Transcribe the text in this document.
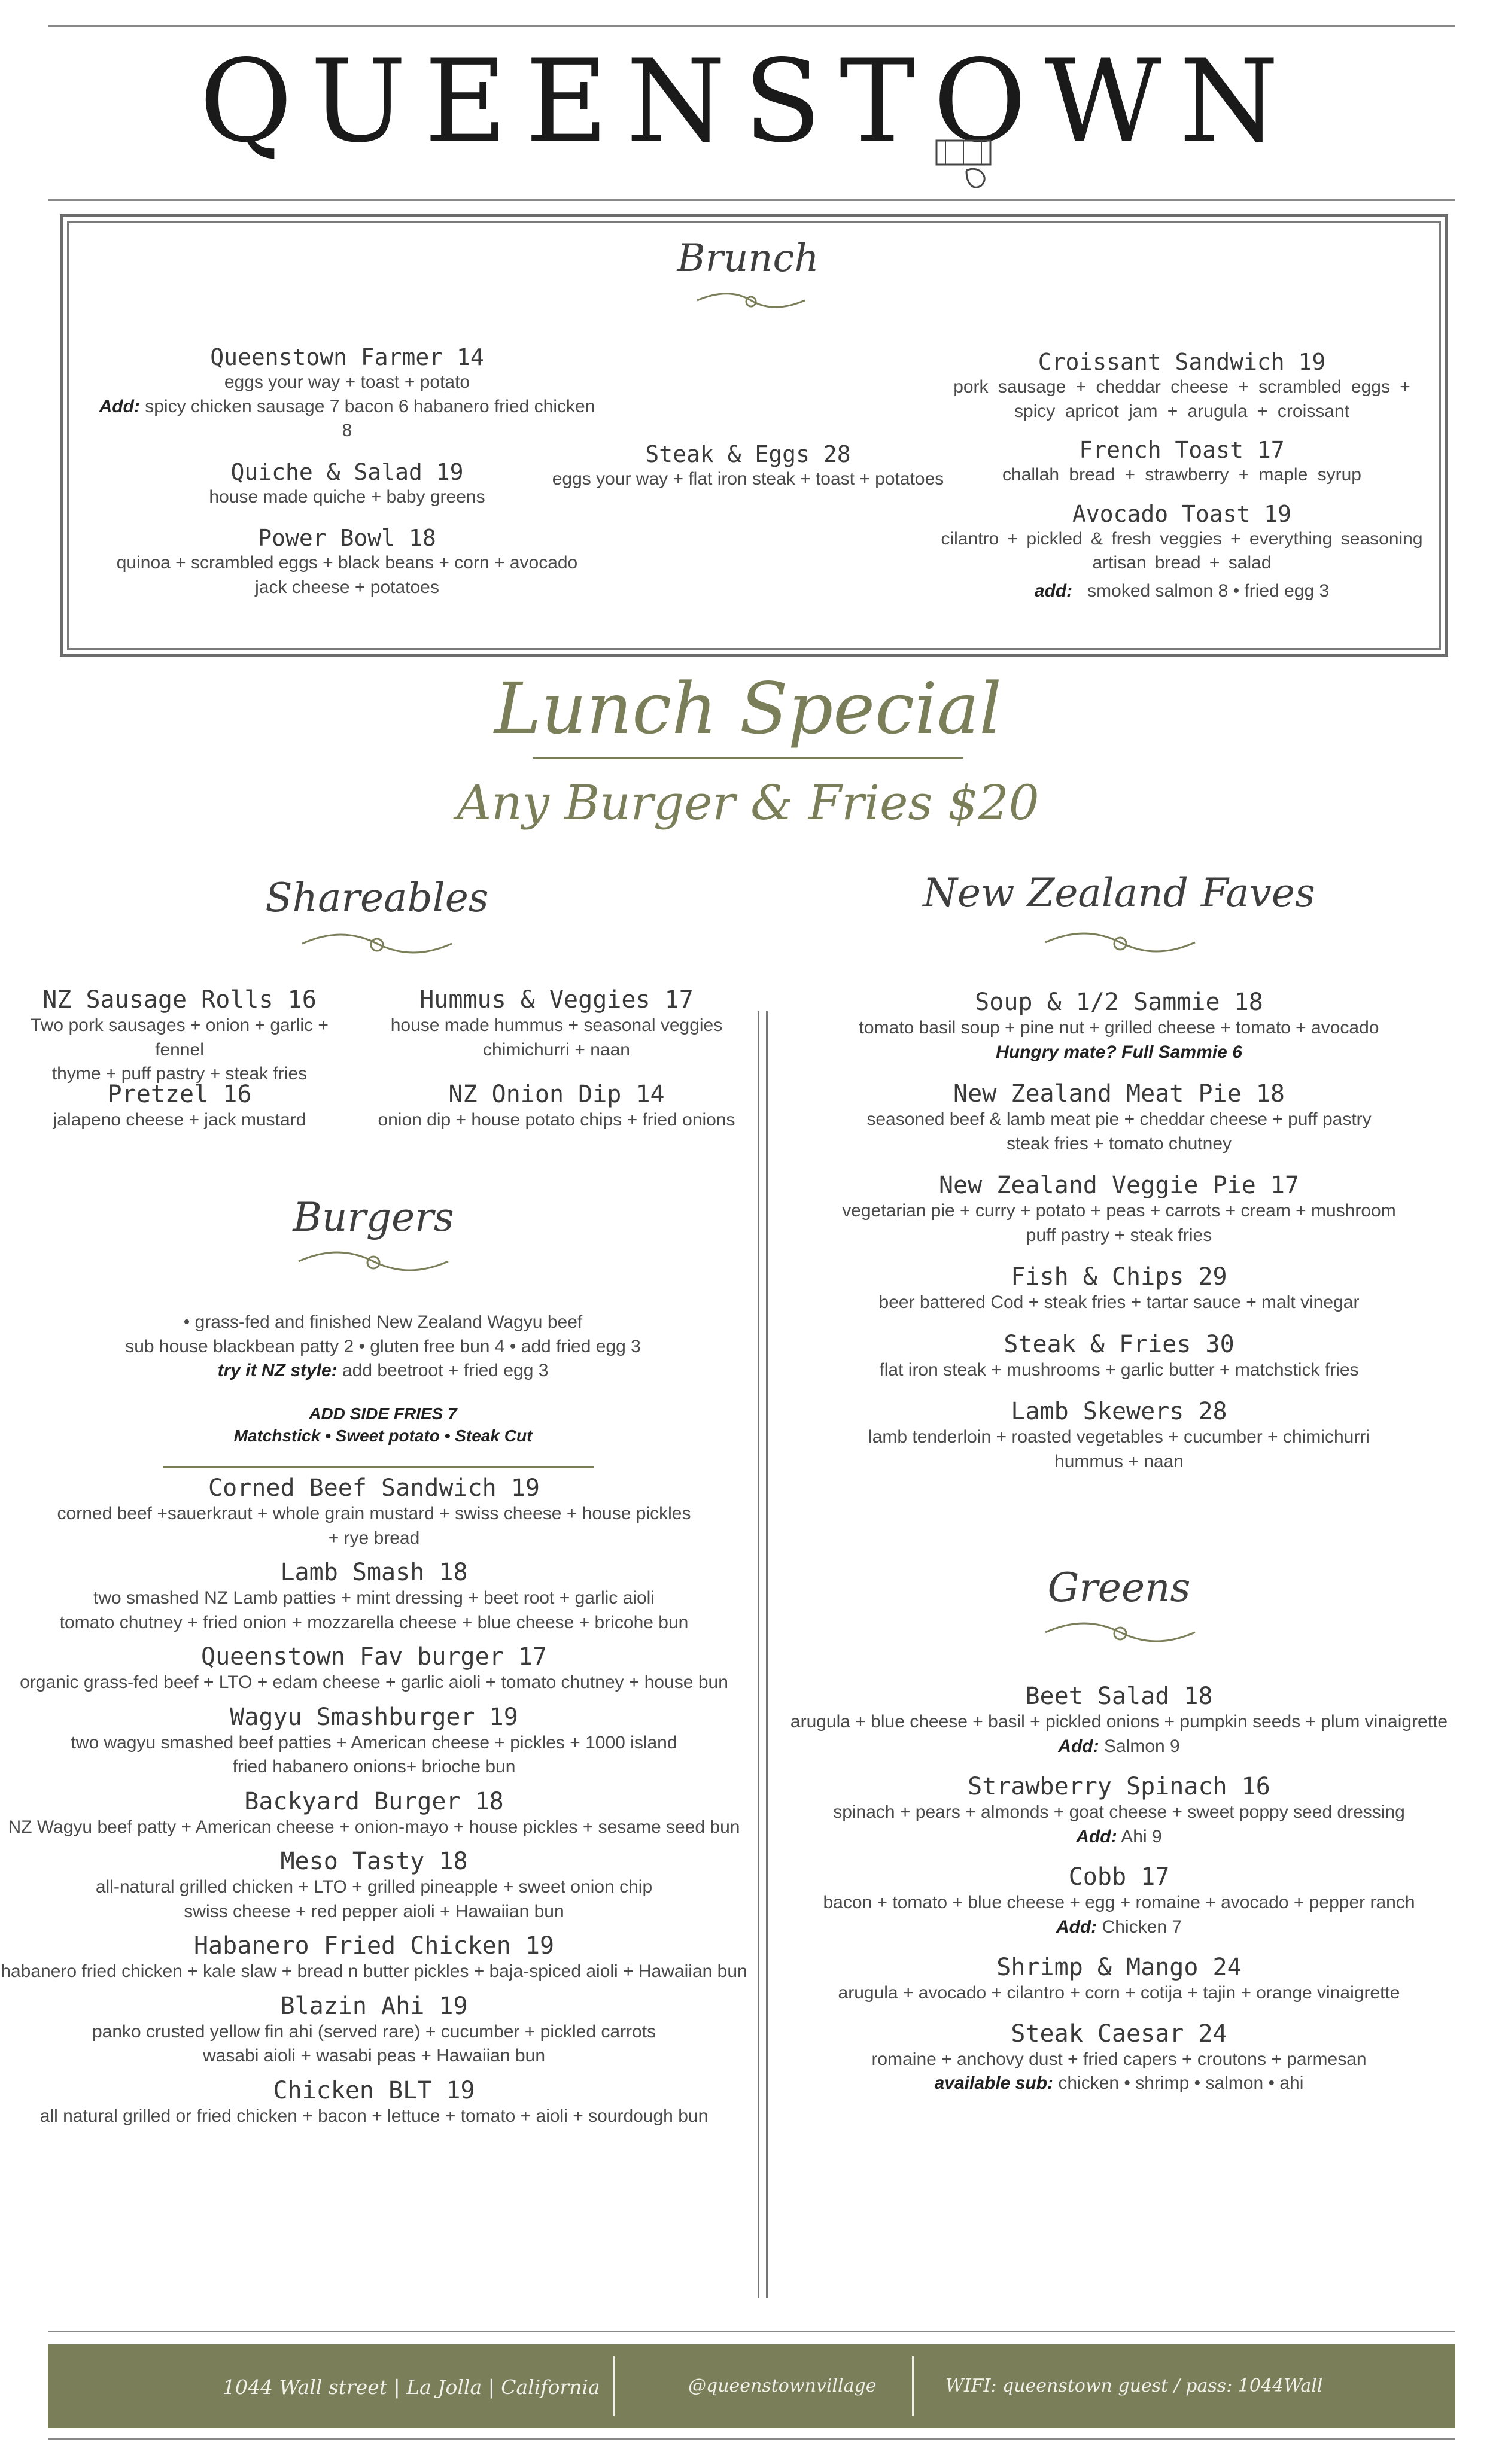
QUEENSTOWN
Brunch
Queenstown Farmer 14
eggs your way + toast + potato
Add: spicy chicken sausage 7 bacon 6 habanero fried chicken 8
Quiche & Salad 19
house made quiche + baby greens
Power Bowl 18
quinoa + scrambled eggs + black beans + corn + avocado
jack cheese + potatoes
Steak & Eggs 28
eggs your way + flat iron steak + toast + potatoes
Croissant Sandwich 19
pork sausage + cheddar cheese + scrambled eggs +
spicy apricot jam + arugula + croissant
French Toast 17
challah bread + strawberry + maple syrup
Avocado Toast 19
cilantro + pickled & fresh veggies + everything seasoning
artisan bread + salad
add: smoked salmon 8 • fried egg 3
Lunch Special
Any Burger & Fries $20
Shareables
NZ Sausage Rolls 16
Two pork sausages + onion + garlic + fennel
thyme + puff pastry + steak fries
Hummus & Veggies 17
house made hummus + seasonal veggies
chimichurri + naan
Pretzel 16
jalapeno cheese + jack mustard
NZ Onion Dip 14
onion dip + house potato chips + fried onions
Burgers
• grass-fed and finished New Zealand Wagyu beef
sub house blackbean patty 2 • gluten free bun 4 • add fried egg 3
try it NZ style: add beetroot + fried egg 3
ADD SIDE FRIES 7
Matchstick • Sweet potato • Steak Cut
Corned Beef Sandwich 19
corned beef +sauerkraut + whole grain mustard + swiss cheese + house pickles
+ rye bread
Lamb Smash 18
two smashed NZ Lamb patties + mint dressing + beet root + garlic aioli
tomato chutney + fried onion + mozzarella cheese + blue cheese + bricohe bun
Queenstown Fav burger 17
organic grass-fed beef + LTO + edam cheese + garlic aioli + tomato chutney + house bun
Wagyu Smashburger 19
two wagyu smashed beef patties + American cheese + pickles + 1000 island
fried habanero onions+ brioche bun
Backyard Burger 18
NZ Wagyu beef patty + American cheese + onion-mayo + house pickles + sesame seed bun
Meso Tasty 18
all-natural grilled chicken + LTO + grilled pineapple + sweet onion chip
swiss cheese + red pepper aioli + Hawaiian bun
Habanero Fried Chicken 19
habanero fried chicken + kale slaw + bread n butter pickles + baja-spiced aioli + Hawaiian bun
Blazin Ahi 19
panko crusted yellow fin ahi (served rare) + cucumber + pickled carrots
wasabi aioli + wasabi peas + Hawaiian bun
Chicken BLT 19
all natural grilled or fried chicken + bacon + lettuce + tomato + aioli + sourdough bun
New Zealand Faves
Soup & 1/2 Sammie 18
tomato basil soup + pine nut + grilled cheese + tomato + avocado
Hungry mate? Full Sammie 6
New Zealand Meat Pie 18
seasoned beef & lamb meat pie + cheddar cheese + puff pastry
steak fries + tomato chutney
New Zealand Veggie Pie 17
vegetarian pie + curry + potato + peas + carrots + cream + mushroom
puff pastry + steak fries
Fish & Chips 29
beer battered Cod + steak fries + tartar sauce + malt vinegar
Steak & Fries 30
flat iron steak + mushrooms + garlic butter + matchstick fries
Lamb Skewers 28
lamb tenderloin + roasted vegetables + cucumber + chimichurri
hummus + naan
Greens
Beet Salad 18
arugula + blue cheese + basil + pickled onions + pumpkin seeds + plum vinaigrette
Add: Salmon 9
Strawberry Spinach 16
spinach + pears + almonds + goat cheese + sweet poppy seed dressing
Add: Ahi 9
Cobb 17
bacon + tomato + blue cheese + egg + romaine + avocado + pepper ranch
Add: Chicken 7
Shrimp & Mango 24
arugula + avocado + cilantro + corn + cotija + tajin + orange vinaigrette
Steak Caesar 24
romaine + anchovy dust + fried capers + croutons + parmesan
available sub: chicken • shrimp • salmon • ahi
1044 Wall street | La Jolla | California	@queenstownvillage	WIFI: queenstown guest / pass: 1044Wall
